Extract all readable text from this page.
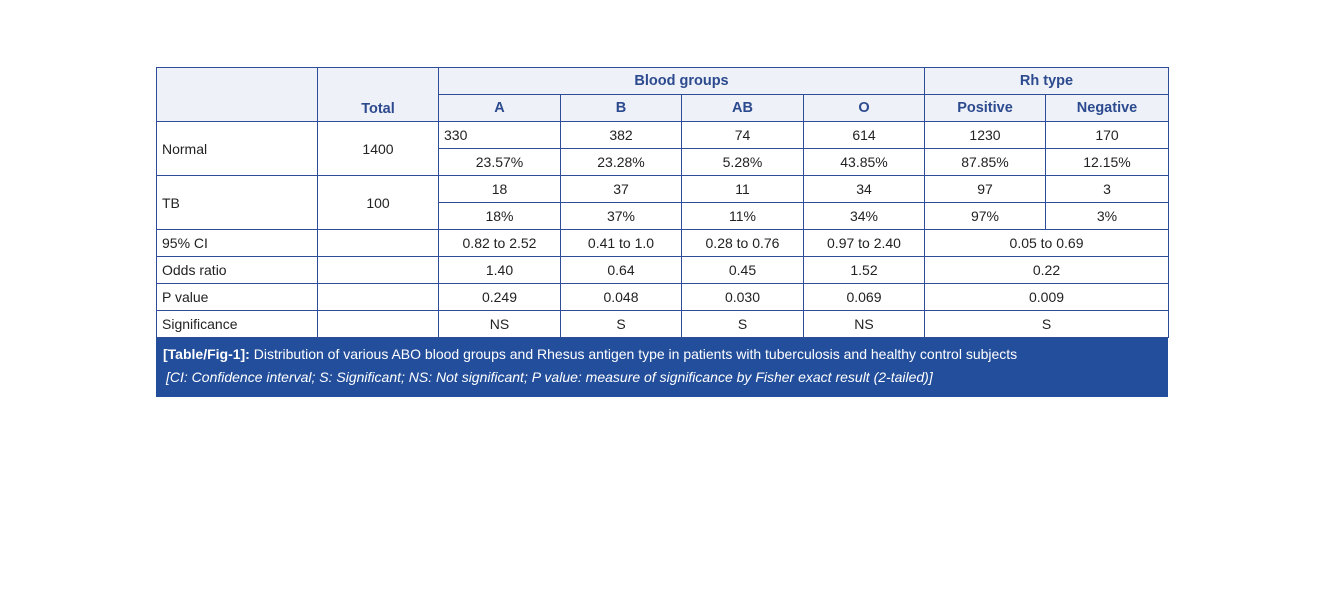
	Total	Blood groups				Rh type	
		A	B	AB	O	Positive	Negative
Normal	1400	330	382	74	614	1230	170
		23.57%	23.28%	5.28%	43.85%	87.85%	12.15%
TB	100	18	37	11	34	97	3
		18%	37%	11%	34%	97%	3%
95% CI		0.82 to 2.52	0.41 to 1.0	0.28 to 0.76	0.97 to 2.40	0.05 to 0.69	
Odds ratio		1.40	0.64	0.45	1.52	0.22	
P value		0.249	0.048	0.030	0.069	0.009	
Significance		NS	S	S	NS	S	
[Table/Fig-1]: Distribution of various ABO blood groups and Rhesus antigen type in patients with tuberculosis and healthy control subjects
[CI: Confidence interval; S: Significant; NS: Not significant; P value: measure of significance by Fisher exact result (2-tailed)]
